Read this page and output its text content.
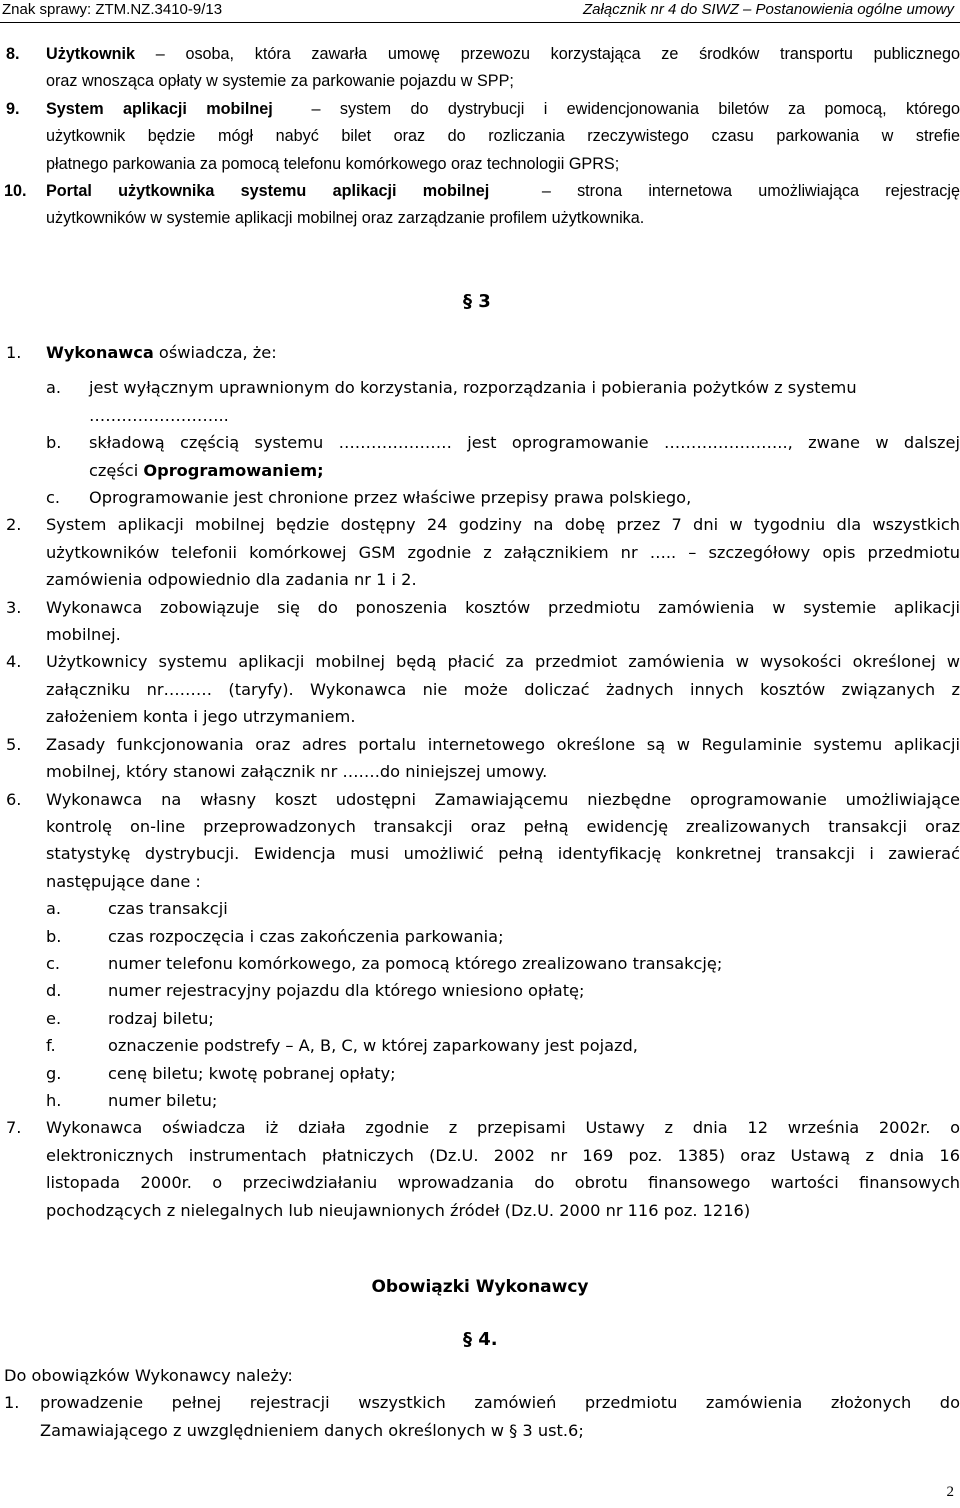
Znak sprawy: ZTM.NZ.3410-9/13	Załącznik nr 4 do SIWZ – Postanowienia ogólne umowy
8. Użytkownik – osoba, która zawarła umowę przewozu korzystająca ze środków transportu publicznego
oraz wnosząca opłaty w systemie za parkowanie pojazdu w SPP;
9. System aplikacji mobilnej  – system do dystrybucji i ewidencjonowania biletów za pomocą, którego
użytkownik będzie mógł nabyć bilet oraz do rozliczania rzeczywistego czasu parkowania w strefie
płatnego parkowania za pomocą telefonu komórkowego oraz technologii GPRS;
10. Portal użytkownika systemu aplikacji mobilnej  – strona internetowa umożliwiająca rejestrację
użytkowników w systemie aplikacji mobilnej oraz zarządzanie profilem użytkownika.
§ 3
1. Wykonawca oświadcza, że:
a. jest wyłącznym uprawnionym do korzystania, rozporządzania i pobierania pożytków z systemu
……………………..
b. składową częścią systemu ………………… jest oprogramowanie ………………….., zwane w dalszej
części Oprogramowaniem;
c. Oprogramowanie jest chronione przez właściwe przepisy prawa polskiego,
2. System aplikacji mobilnej będzie dostępny 24 godziny na dobę przez 7 dni w tygodniu dla wszystkich
użytkowników telefonii komórkowej GSM zgodnie z załącznikiem nr ….. – szczegółowy opis przedmiotu
zamówienia odpowiednio dla zadania nr 1 i 2.
3. Wykonawca zobowiązuje się do ponoszenia kosztów przedmiotu zamówienia w systemie aplikacji
mobilnej.
4. Użytkownicy systemu aplikacji mobilnej będą płacić za przedmiot zamówienia w wysokości określonej w
załączniku nr……… (taryfy). Wykonawca nie może doliczać żadnych innych kosztów związanych z
założeniem konta i jego utrzymaniem.
5. Zasady funkcjonowania oraz adres portalu internetowego określone są w Regulaminie systemu aplikacji
mobilnej, który stanowi załącznik nr …….do niniejszej umowy.
6. Wykonawca na własny koszt udostępni Zamawiającemu niezbędne oprogramowanie umożliwiające
kontrolę on-line przeprowadzonych transakcji oraz pełną ewidencję zrealizowanych transakcji oraz
statystykę dystrybucji. Ewidencja musi umożliwić pełną identyfikację konkretnej transakcji i zawierać
następujące dane :
a.	czas transakcji
b.	czas rozpoczęcia i czas zakończenia parkowania;
c.	numer telefonu komórkowego, za pomocą którego zrealizowano transakcję;
d.	numer rejestracyjny pojazdu dla którego wniesiono opłatę;
e.	rodzaj biletu;
f.	oznaczenie podstrefy – A, B, C, w której zaparkowany jest pojazd,
g.	cenę biletu; kwotę pobranej opłaty;
h.	numer biletu;
7. Wykonawca oświadcza iż działa zgodnie z przepisami Ustawy z dnia 12 września 2002r. o
elektronicznych instrumentach płatniczych (Dz.U. 2002 nr 169 poz. 1385) oraz Ustawą z dnia 16
listopada 2000r. o przeciwdziałaniu wprowadzania do obrotu finansowego wartości finansowych
pochodzących z nielegalnych lub nieujawnionych źródeł (Dz.U. 2000 nr 116 poz. 1216)
Obowiązki Wykonawcy
§ 4.
Do obowiązków Wykonawcy należy:
1. prowadzenie pełnej rejestracji wszystkich zamówień przedmiotu zamówienia złożonych do
Zamawiającego z uwzględnieniem danych określonych w § 3 ust.6;
2
